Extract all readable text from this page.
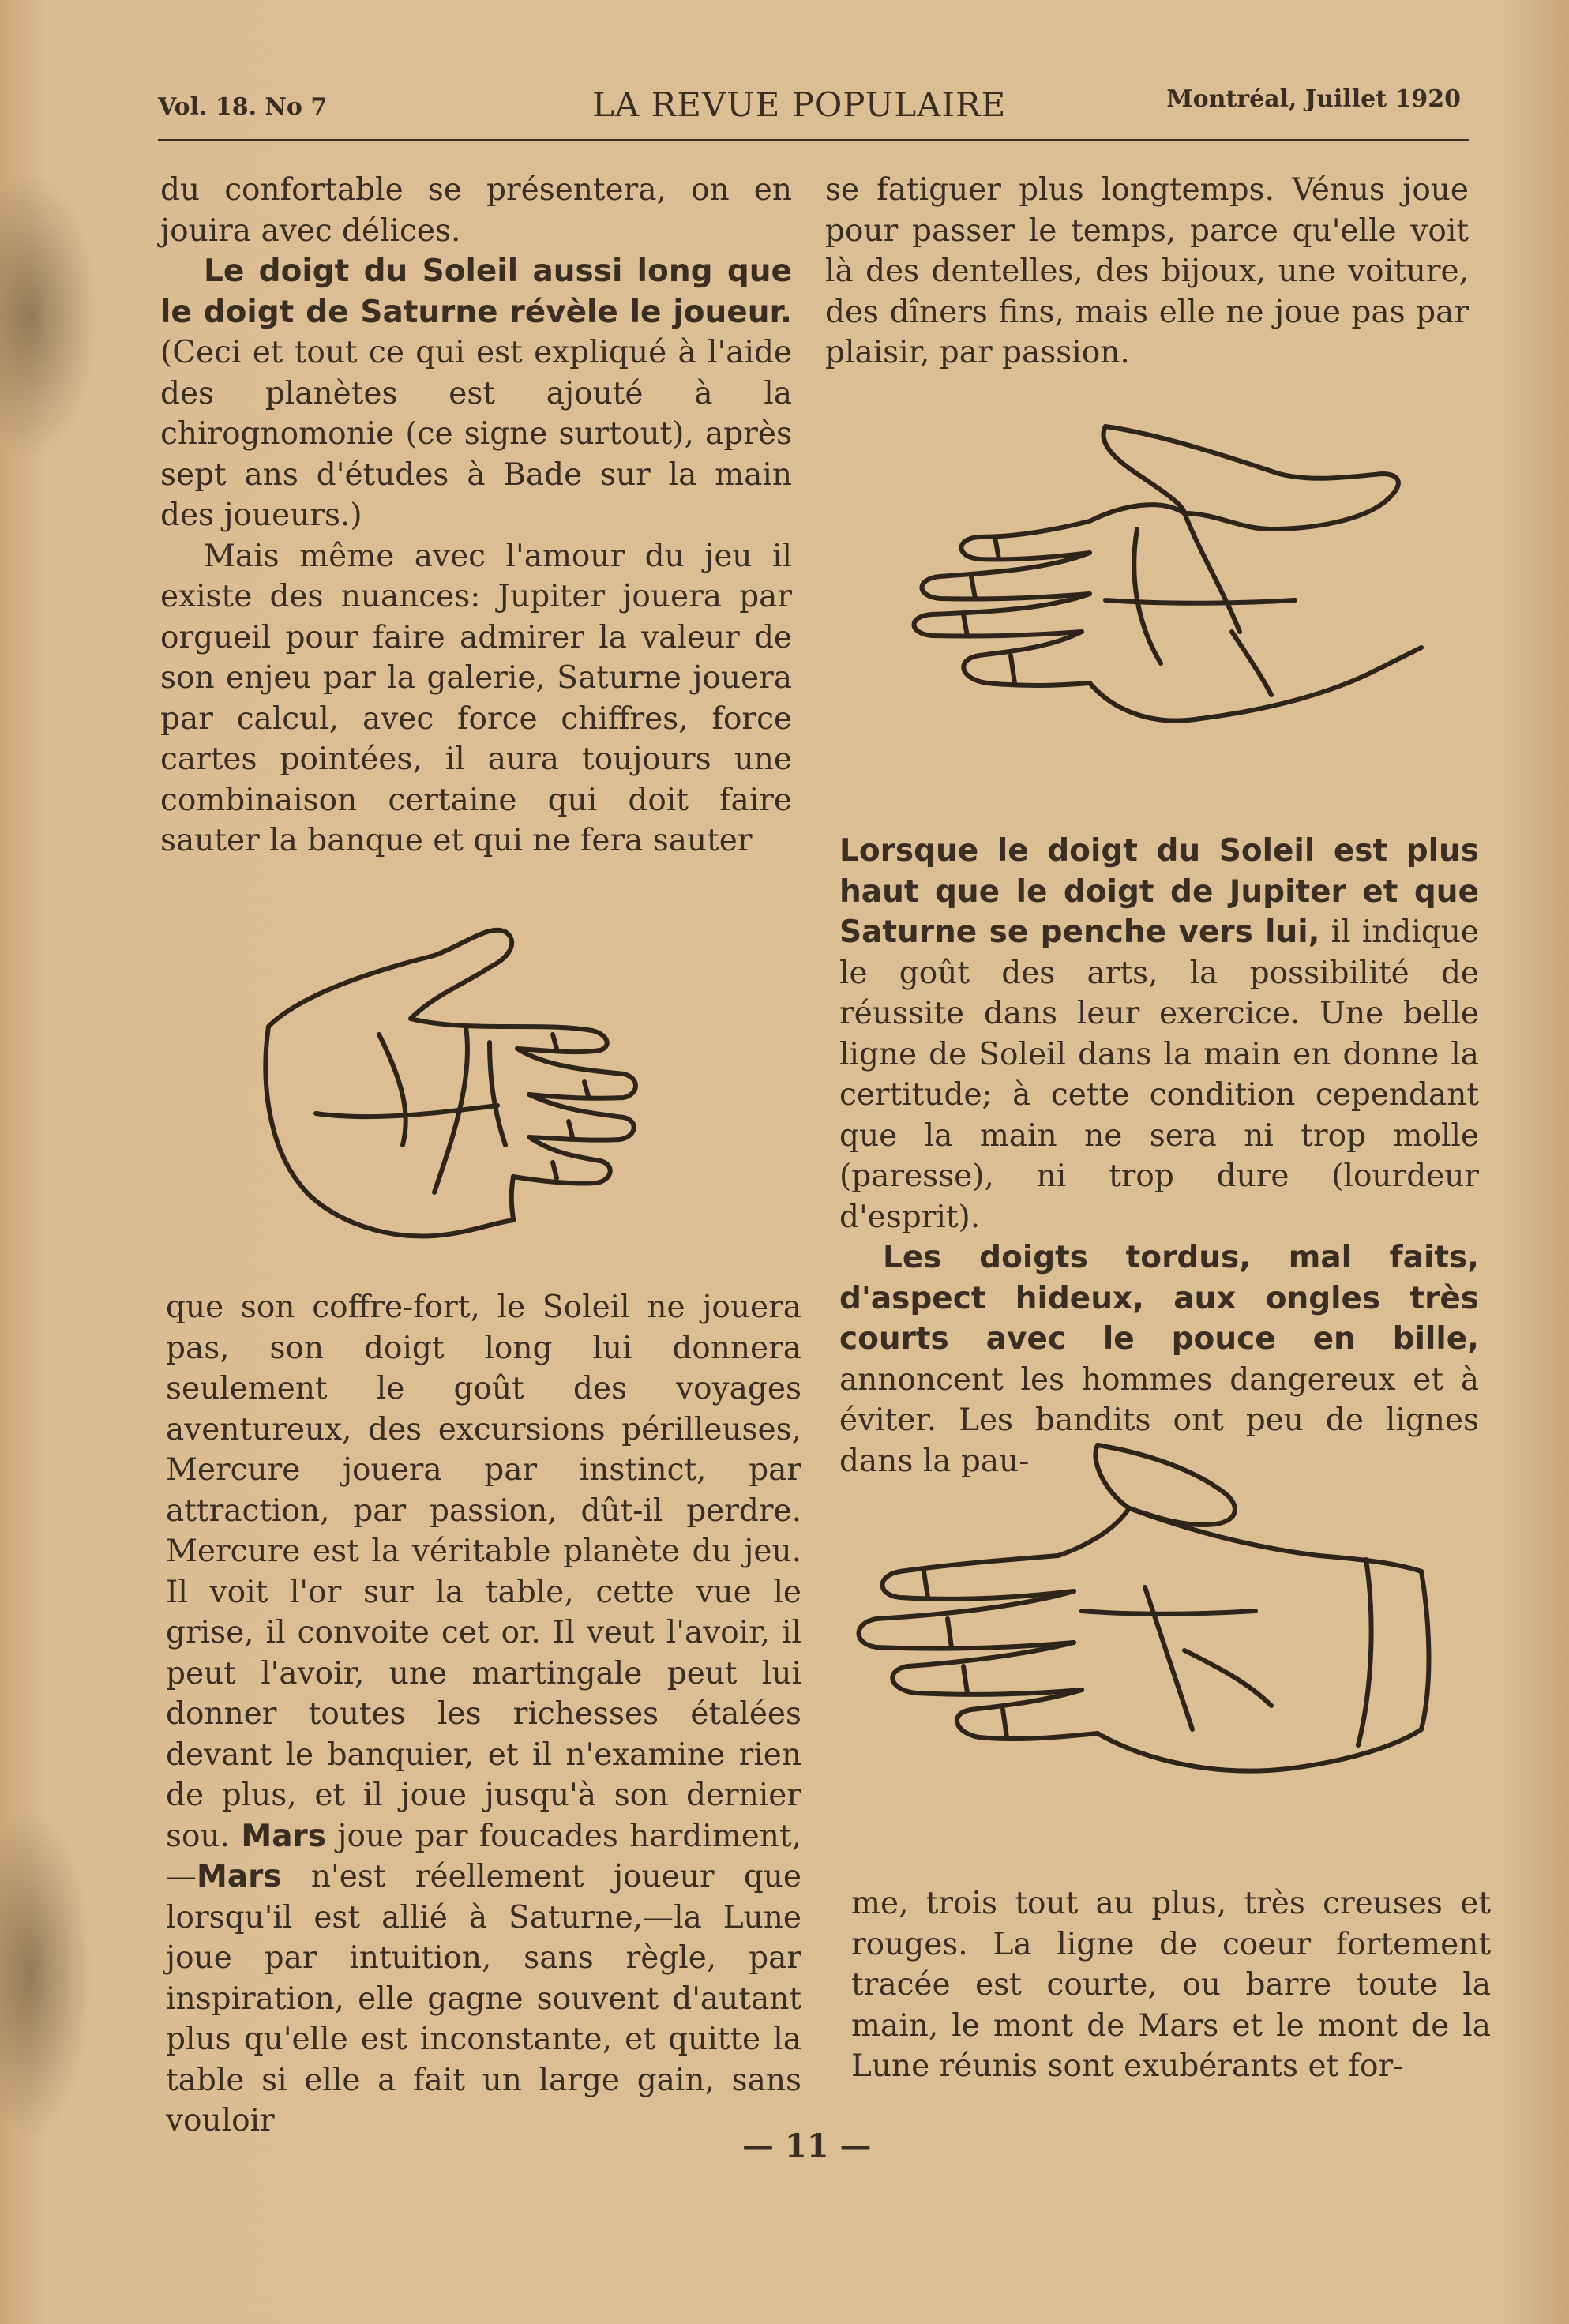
Vol. 18. No 7	LA REVUE POPULAIRE	Montréal, Juillet 1920

du confortable se présentera, on en jouira avec délices.

Le doigt du Soleil aussi long que le doigt de Saturne révèle le joueur. (Ceci et tout ce qui est expliqué à l'aide des planètes est ajouté à la chirognomonie (ce signe surtout), après sept ans d'études à Bade sur la main des joueurs.)

Mais même avec l'amour du jeu il existe des nuances: Jupiter jouera par orgueil pour faire admirer la valeur de son enjeu par la galerie, Saturne jouera par calcul, avec force chiffres, force cartes pointées, il aura toujours une combinaison certaine qui doit faire sauter la banque et qui ne fera sauter

que son coffre-fort, le Soleil ne jouera pas, son doigt long lui donnera seulement le goût des voyages aventureux, des excursions périlleuses, Mercure jouera par instinct, par attraction, par passion, dût-il perdre. Mercure est la véritable planète du jeu. Il voit l'or sur la table, cette vue le grise, il convoite cet or. Il veut l'avoir, il peut l'avoir, une martingale peut lui donner toutes les richesses étalées devant le banquier, et il n'examine rien de plus, et il joue jusqu'à son dernier sou. Mars joue par foucades hardiment,—Mars n'est réellement joueur que lorsqu'il est allié à Saturne,—la Lune joue par intuition, sans règle, par inspiration, elle gagne souvent d'autant plus qu'elle est inconstante, et quitte la table si elle a fait un large gain, sans vouloir

se fatiguer plus longtemps. Vénus joue pour passer le temps, parce qu'elle voit là des dentelles, des bijoux, une voiture, des dîners fins, mais elle ne joue pas par plaisir, par passion.

Lorsque le doigt du Soleil est plus haut que le doigt de Jupiter et que Saturne se penche vers lui, il indique le goût des arts, la possibilité de réussite dans leur exercice. Une belle ligne de Soleil dans la main en donne la certitude; à cette condition cependant que la main ne sera ni trop molle (paresse), ni trop dure (lourdeur d'esprit).

Les doigts tordus, mal faits, d'aspect hideux, aux ongles très courts avec le pouce en bille, annoncent les hommes dangereux et à éviter. Les bandits ont peu de lignes dans la pau-

me, trois tout au plus, très creuses et rouges. La ligne de coeur fortement tracée est courte, ou barre toute la main, le mont de Mars et le mont de la Lune réunis sont exubérants et for-

— 11 —
